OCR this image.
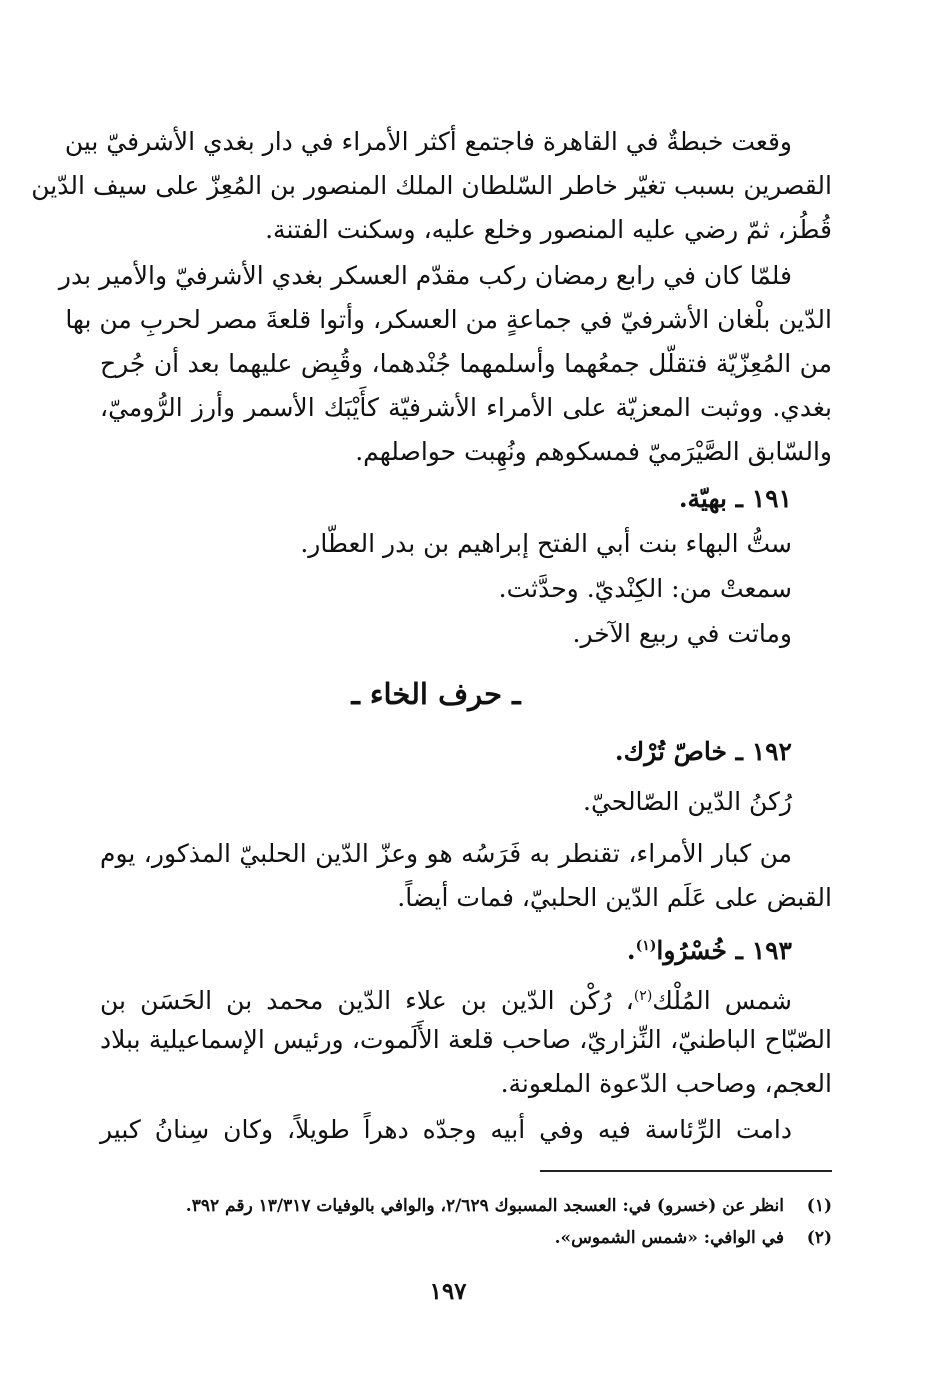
وقعت خبطةٌ في القاهرة فاجتمع أكثر الأمراء في دار بغدي الأشرفيّ بين
القصرين بسبب تغيّر خاطر السّلطان الملك المنصور بن المُعِزّ على سيف الدّين
قُطُز، ثمّ رضي عليه المنصور وخلع عليه، وسكنت الفتنة.
فلمّا كان في رابع رمضان ركب مقدّم العسكر بغدي الأشرفيّ والأمير بدر
الدّين بلْغان الأشرفيّ في جماعةٍ من العسكر، وأتوا قلعةَ مصر لحربِ من بها
من المُعِزّيّة فتقلّل جمعُهما وأسلمهما جُنْدهما، وقُبِض عليهما بعد أن جُرح
بغدي. ووثبت المعزيّة على الأمراء الأشرفيّة كأَيْبَك الأسمر وأرز الرُّوميّ،
والسّابق الصَّيْرَميّ فمسكوهم ونُهِبت حواصلهم.
١٩١ ـ بهيّة.
ستُّ البهاء بنت أبي الفتح إبراهيم بن بدر العطّار.
سمعتْ من: الكِنْديّ. وحدَّثت.
وماتت في ربيع الآخر.
ـ حرف الخاء ـ
١٩٢ ـ خاصّ تُرْك.
رُكنُ الدّين الصّالحيّ.
من كبار الأمراء، تقنطر به فَرَسُه هو وعزّ الدّين الحلبيّ المذكور، يوم
القبض على عَلَم الدّين الحلبيّ، فمات أيضاً.
١٩٣ ـ خُسْرُوا$^{(١)}$.
شمس المُلْك$^{(٢)}$، رُكْن الدّين بن علاء الدّين محمد بن الحَسَن بن
الصّبّاح الباطنيّ، النِّزاريّ، صاحب قلعة الأَلَموت، ورئيس الإسماعيلية ببلاد
العجم، وصاحب الدّعوة الملعونة.
دامت الرِّئاسة فيه وفي أبيه وجدّه دهراً طويلاً، وكان سِنانُ كبير
(١)انظر عن (خسرو) في: العسجد المسبوك ٢/٦٢٩، والوافي بالوفيات ١٣/٣١٧ رقم ٣٩٢.
(٢)في الوافي: «شمس الشموس».
١٩٧
